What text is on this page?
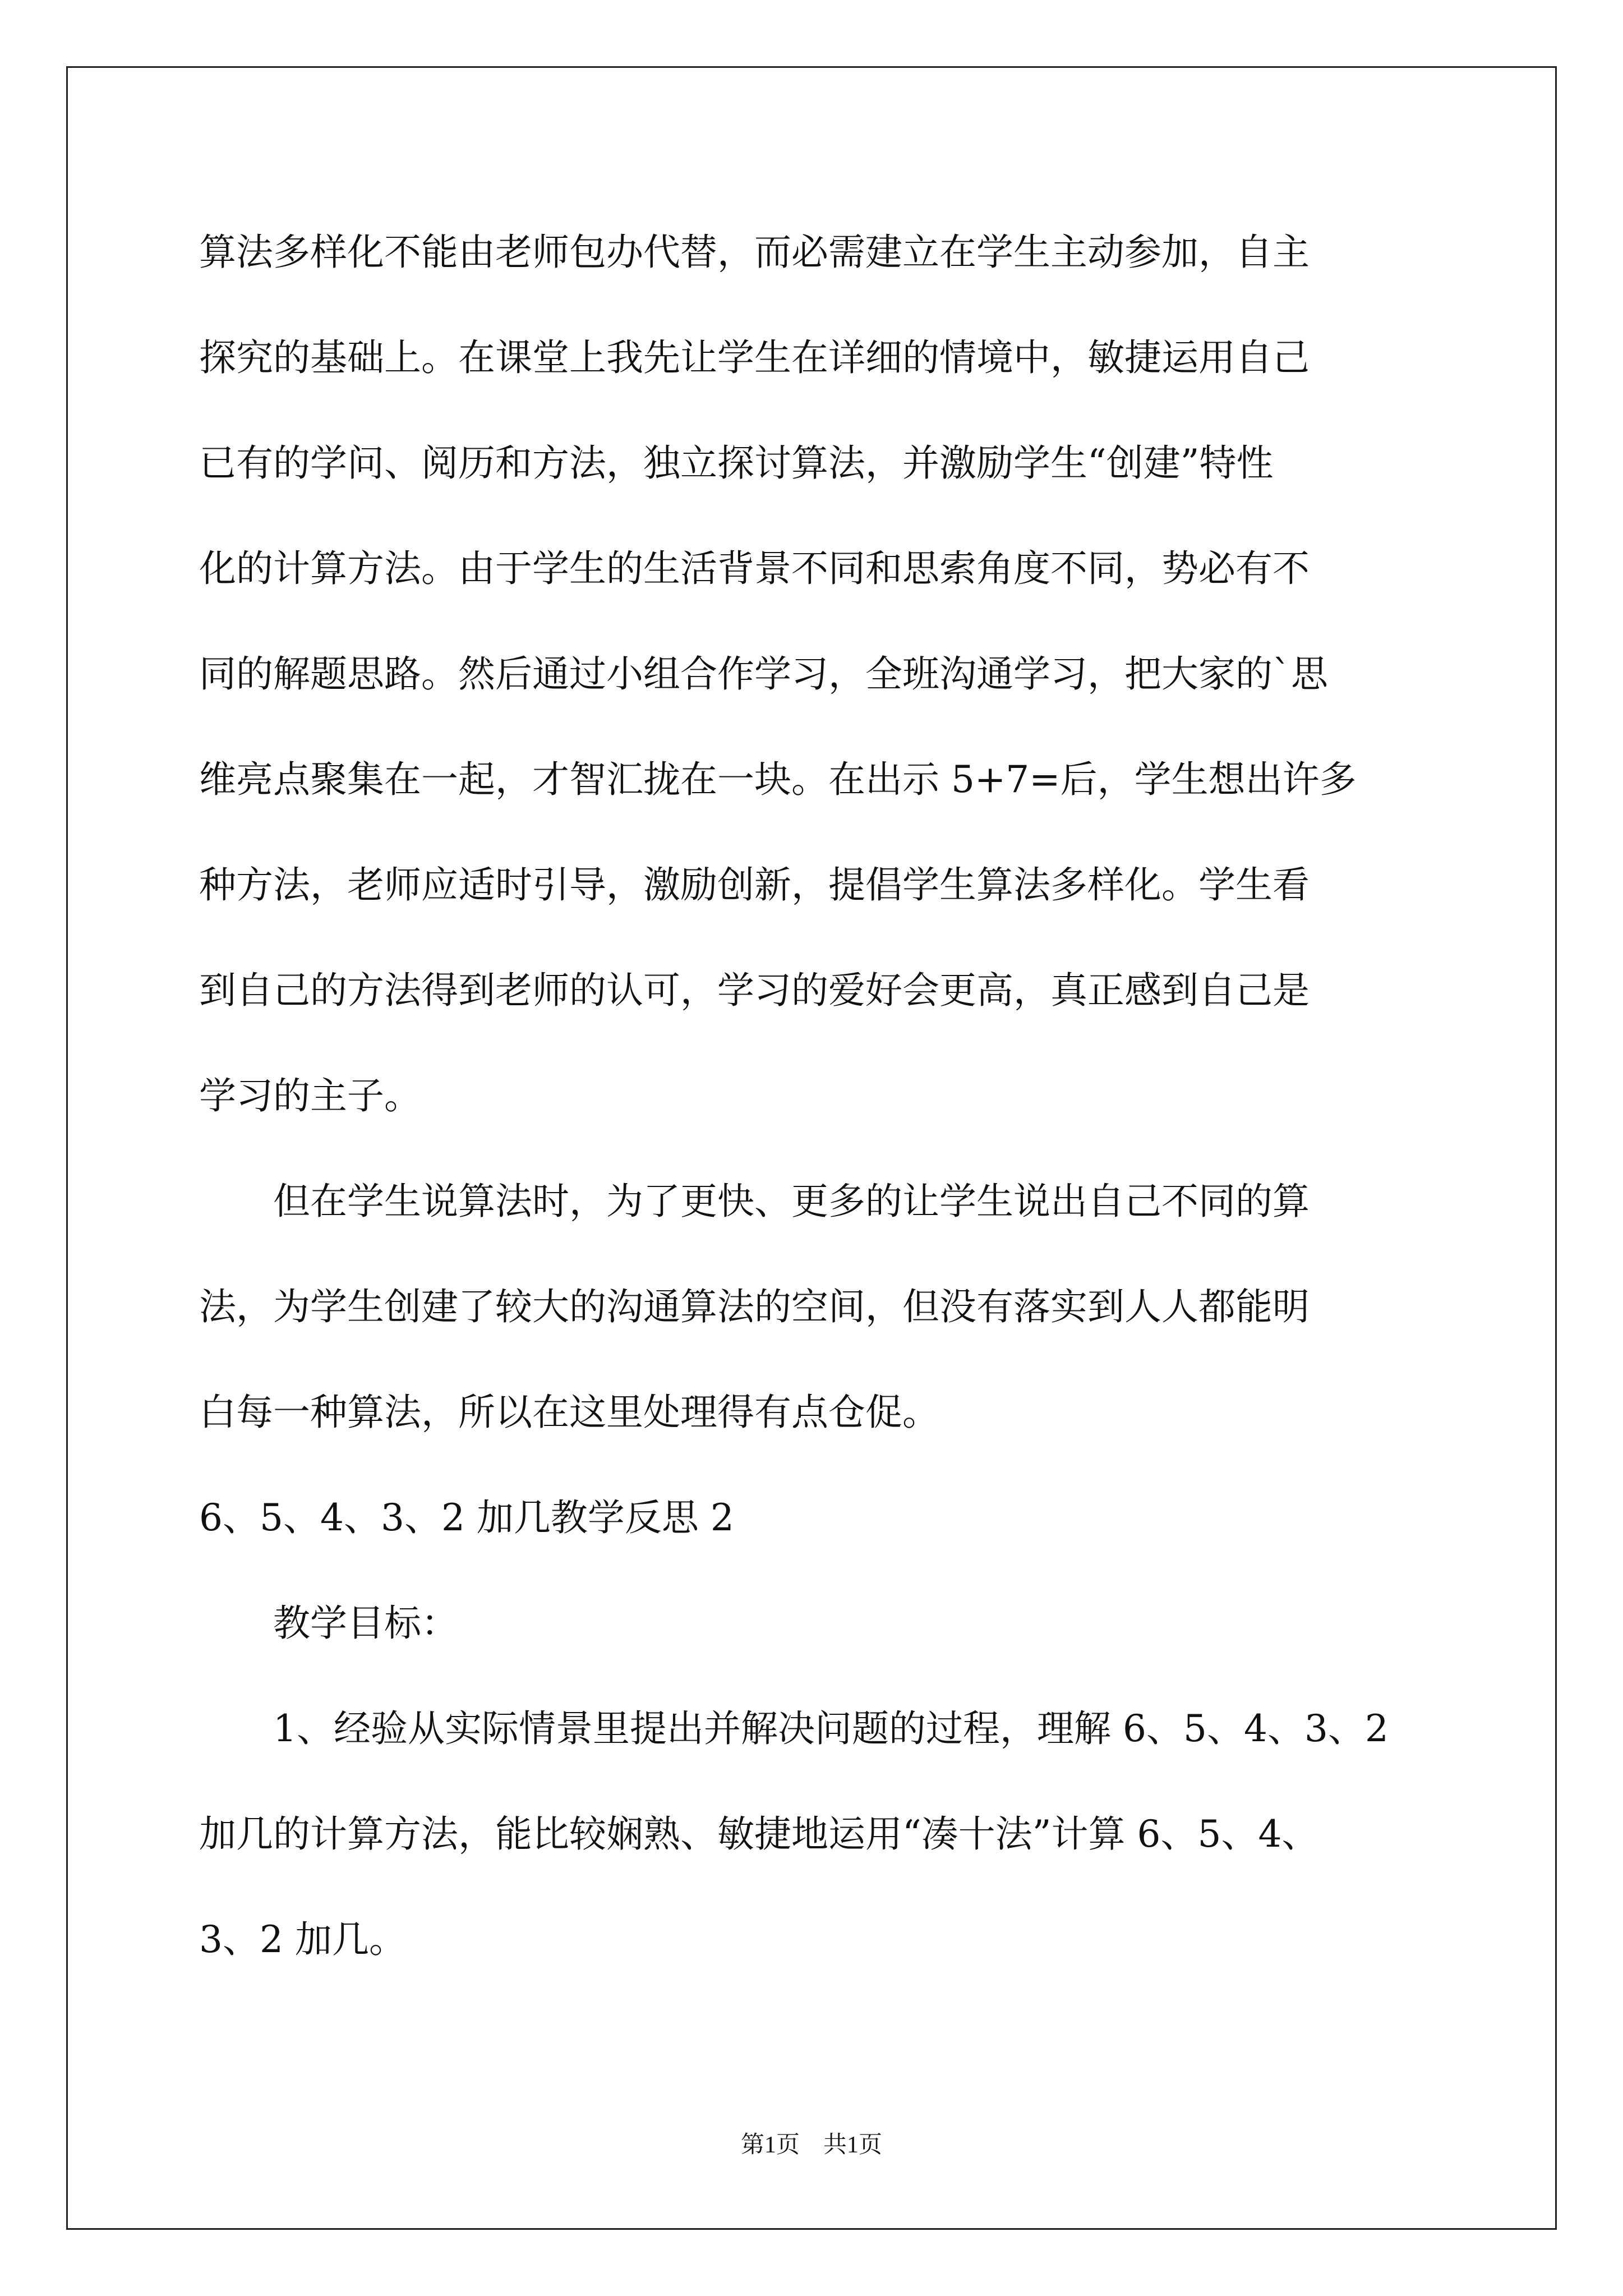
算法多样化不能由老师包办代替，而必需建立在学生主动参加，自主
探究的基础上。在课堂上我先让学生在详细的情境中，敏捷运用自己
已有的学问、阅历和方法，独立探讨算法，并激励学生“创建”特性
化的计算方法。由于学生的生活背景不同和思索角度不同，势必有不
同的解题思路。然后通过小组合作学习，全班沟通学习，把大家的`思
维亮点聚集在一起，才智汇拢在一块。在出示 5+7=后，学生想出许多
种方法，老师应适时引导，激励创新，提倡学生算法多样化。学生看
到自己的方法得到老师的认可，学习的爱好会更高，真正感到自己是
学习的主子。
　　但在学生说算法时，为了更快、更多的让学生说出自己不同的算
法，为学生创建了较大的沟通算法的空间，但没有落实到人人都能明
白每一种算法，所以在这里处理得有点仓促。
6、5、4、3、2 加几教学反思 2
　　教学目标：
　　1、经验从实际情景里提出并解决问题的过程，理解 6、5、4、3、2
加几的计算方法，能比较娴熟、敏捷地运用“凑十法”计算 6、5、4、
3、2 加几。
第1页　共1页
